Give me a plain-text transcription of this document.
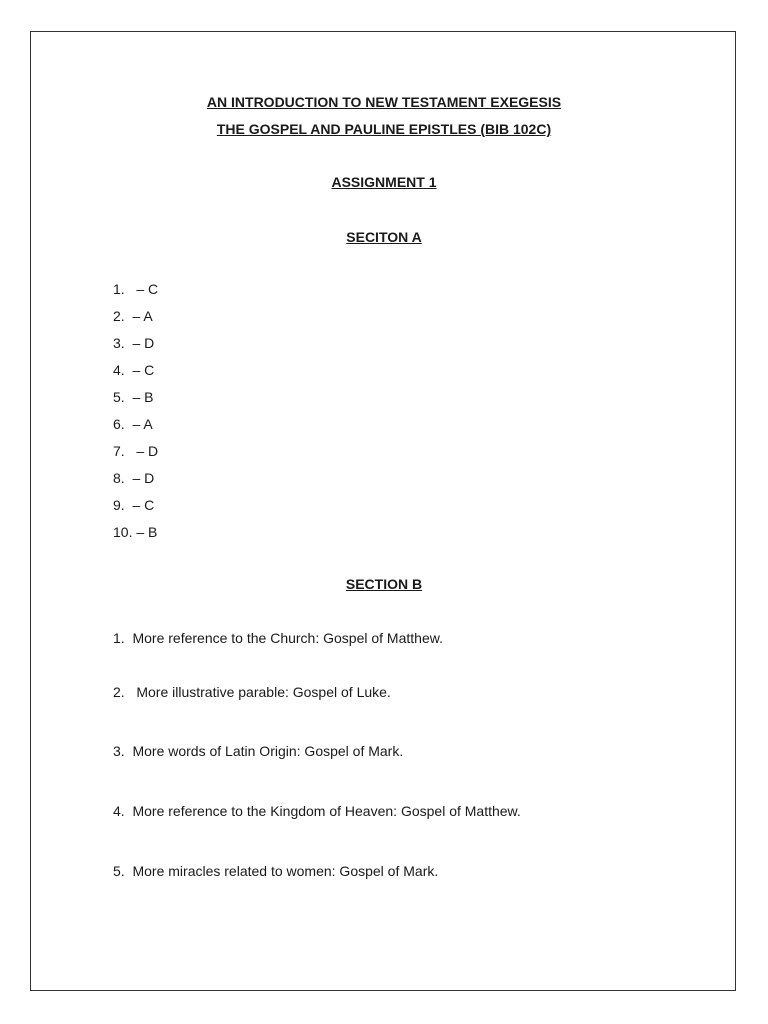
AN INTRODUCTION TO NEW TESTAMENT EXEGESIS
THE GOSPEL AND PAULINE EPISTLES (BIB 102C)
ASSIGNMENT 1
SECITON A
1. – C
2. – A
3. – D
4. – C
5. – B
6. – A
7. – D
8. – D
9. – C
10. – B
SECTION B

1.  More reference to the Church: Gospel of Matthew.

2.   More illustrative parable: Gospel of Luke.

3.  More words of Latin Origin: Gospel of Mark.

4.  More reference to the Kingdom of Heaven: Gospel of Matthew.

5.  More miracles related to women: Gospel of Mark.
